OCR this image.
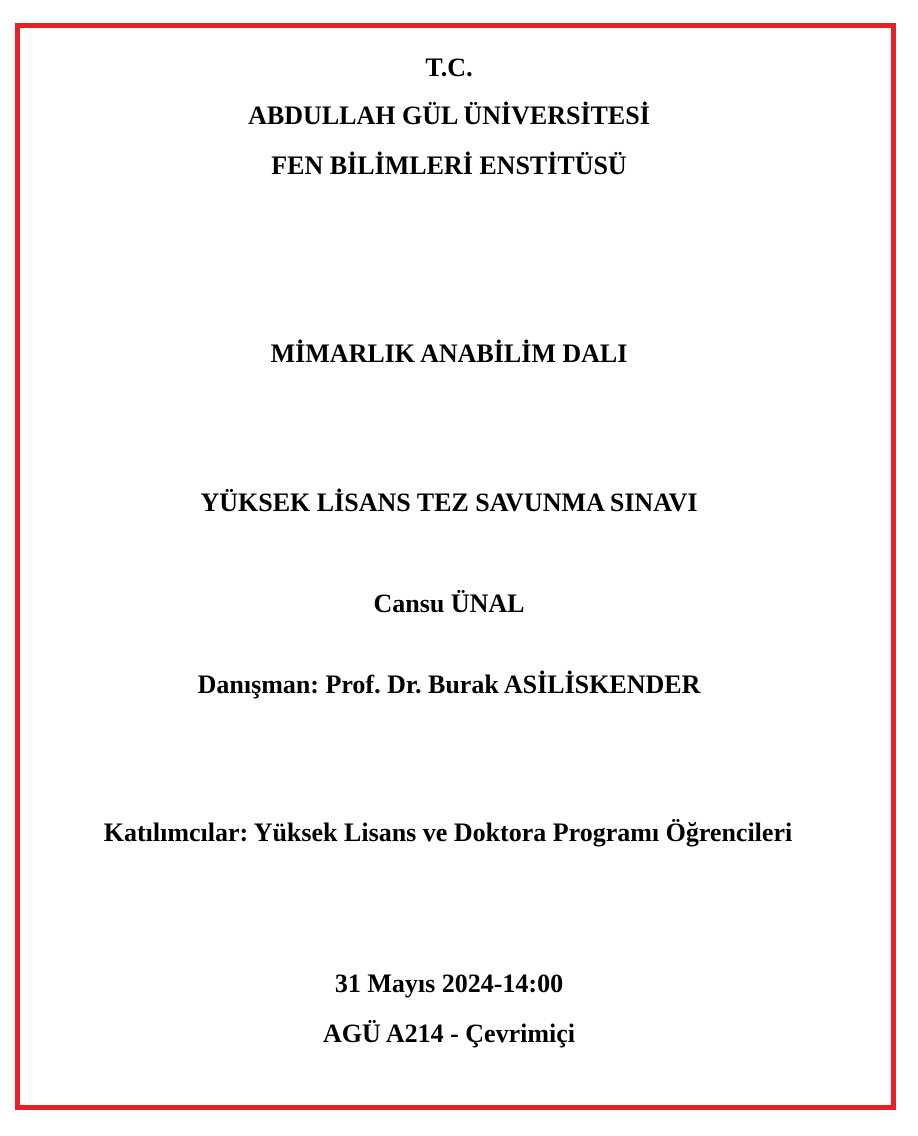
T.C.
ABDULLAH GÜL ÜNİVERSİTESİ
FEN BİLİMLERİ ENSTİTÜSÜ
MİMARLIK ANABİLİM DALI
YÜKSEK LİSANS TEZ SAVUNMA SINAVI
Cansu ÜNAL
Danışman: Prof. Dr. Burak ASİLİSKENDER
Katılımcılar: Yüksek Lisans ve Doktora Programı Öğrencileri
31 Mayıs 2024-14:00
AGÜ A214 - Çevrimiçi
